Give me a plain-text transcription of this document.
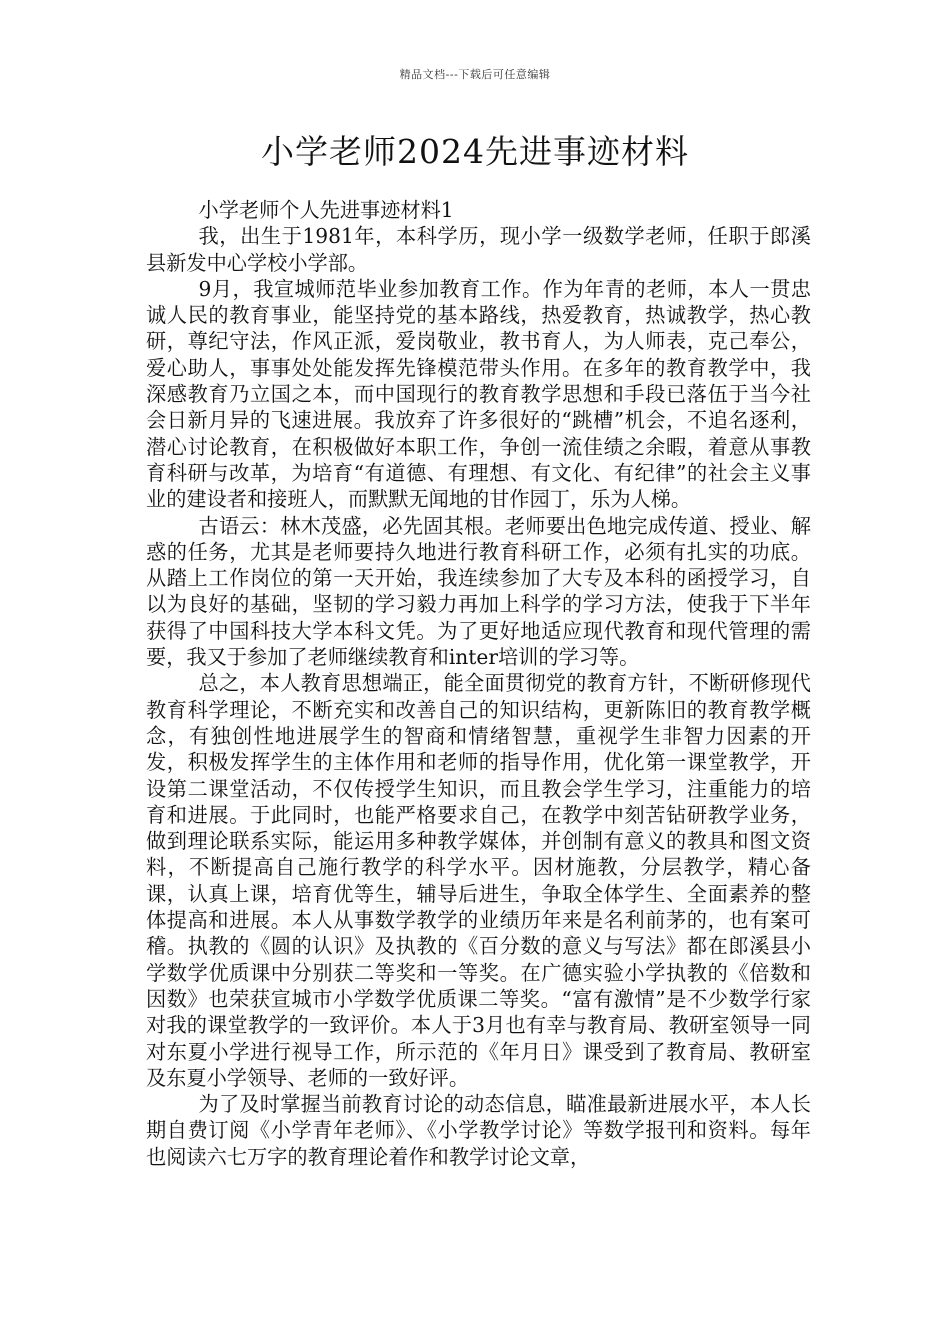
精品文档---下载后可任意编辑
小学老师2024先进事迹材料

小学老师个人先进事迹材料1

我，出生于1981年，本科学历，现小学一级数学老师，任职于郎溪县新发中心学校小学部。

9月，我宣城师范毕业参加教育工作。作为年青的老师，本人一贯忠诚人民的教育事业，能坚持党的基本路线，热爱教育，热诚教学，热心教研，尊纪守法，作风正派，爱岗敬业，教书育人，为人师表，克己奉公，爱心助人，事事处处能发挥先锋模范带头作用。在多年的教育教学中，我深感教育乃立国之本，而中国现行的教育教学思想和手段已落伍于当今社会日新月异的飞速进展。我放弃了许多很好的“跳槽”机会，不追名逐利，潜心讨论教育，在积极做好本职工作，争创一流佳绩之余暇，着意从事教育科研与改革，为培育“有道德、有理想、有文化、有纪律”的社会主义事业的建设者和接班人，而默默无闻地的甘作园丁，乐为人梯。

古语云：林木茂盛，必先固其根。老师要出色地完成传道、授业、解惑的任务，尤其是老师要持久地进行教育科研工作，必须有扎实的功底。从踏上工作岗位的第一天开始，我连续参加了大专及本科的函授学习，自以为良好的基础，坚韧的学习毅力再加上科学的学习方法，使我于下半年获得了中国科技大学本科文凭。为了更好地适应现代教育和现代管理的需要，我又于参加了老师继续教育和inter培训的学习等。

总之，本人教育思想端正，能全面贯彻党的教育方针，不断研修现代教育科学理论，不断充实和改善自己的知识结构，更新陈旧的教育教学概念，有独创性地进展学生的智商和情绪智慧，重视学生非智力因素的开发，积极发挥学生的主体作用和老师的指导作用，优化第一课堂教学，开设第二课堂活动，不仅传授学生知识，而且教会学生学习，注重能力的培育和进展。于此同时，也能严格要求自己，在教学中刻苦钻研教学业务，做到理论联系实际，能运用多种教学媒体，并创制有意义的教具和图文资料，不断提高自己施行教学的科学水平。因材施教，分层教学，精心备课，认真上课，培育优等生，辅导后进生，争取全体学生、全面素养的整体提高和进展。本人从事数学教学的业绩历年来是名利前茅的，也有案可稽。执教的《圆的认识》及执教的《百分数的意义与写法》都在郎溪县小学数学优质课中分别获二等奖和一等奖。在广德实验小学执教的《倍数和因数》也荣获宣城市小学数学优质课二等奖。“富有激情”是不少数学行家对我的课堂教学的一致评价。本人于3月也有幸与教育局、教研室领导一同对东夏小学进行视导工作，所示范的《年月日》课受到了教育局、教研室及东夏小学领导、老师的一致好评。

为了及时掌握当前教育讨论的动态信息，瞄准最新进展水平，本人长期自费订阅《小学青年老师》、《小学教学讨论》等数学报刊和资料。每年也阅读六七万字的教育理论着作和教学讨论文章，
